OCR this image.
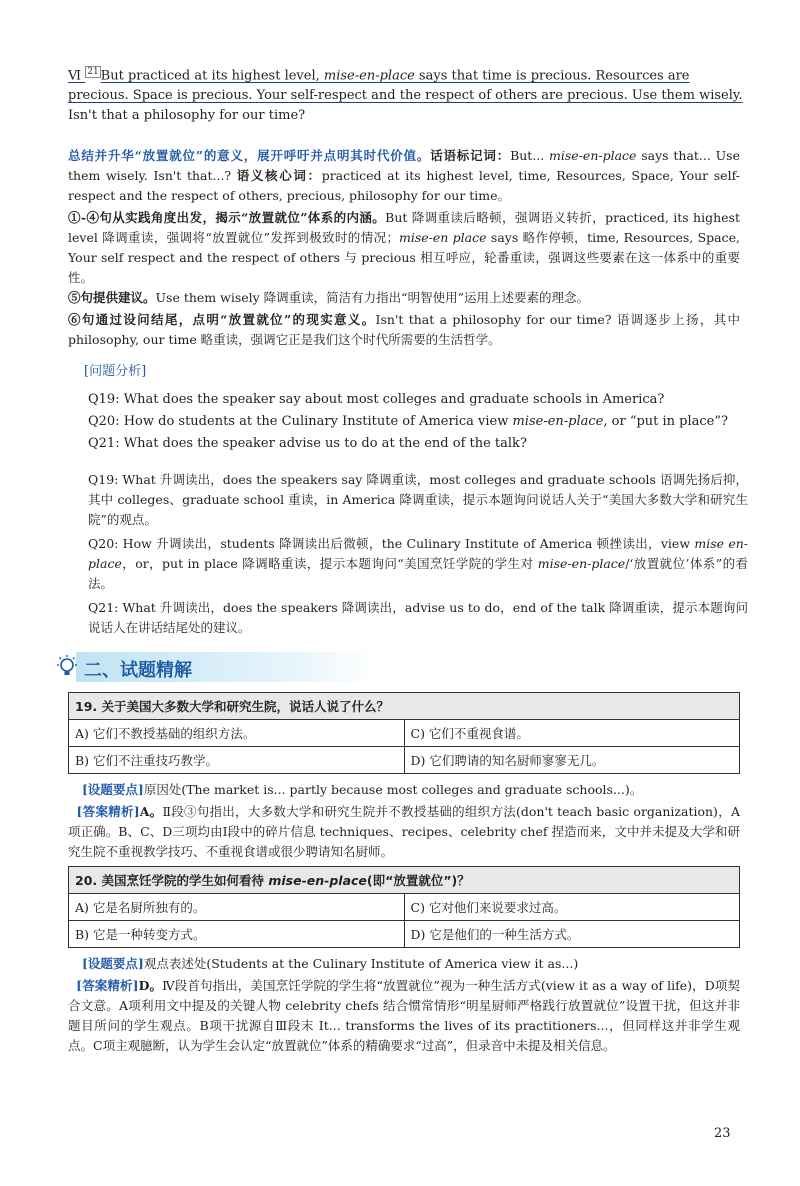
Ⅵ 21 But practiced at its highest level, mise-en-place says that time is precious. Resources are
precious. Space is precious. Your self-respect and the respect of others are precious. Use them wisely.
Isn't that a philosophy for our time?

总结并升华“放置就位”的意义，展开呼吁并点明其时代价值。话语标记词：But... mise-en-place says that... Use them wisely. Isn't that...? 语义核心词：practiced at its highest level, time, Resources, Space, Your self-respect and the respect of others, precious, philosophy for our time。

①-④句从实践角度出发，揭示“放置就位”体系的内涵。But 降调重读后略顿，强调语义转折，practiced, its highest level 降调重读，强调将“放置就位”发挥到极致时的情况；mise-en place says 略作停顿，time, Resources, Space, Your self respect and the respect of others 与 precious 相互呼应，轮番重读，强调这些要素在这一体系中的重要性。

⑤句提供建议。Use them wisely 降调重读，简洁有力指出“明智使用”运用上述要素的理念。

⑥句通过设问结尾，点明“放置就位”的现实意义。Isn't that a philosophy for our time? 语调逐步上扬，其中 philosophy, our time 略重读，强调它正是我们这个时代所需要的生活哲学。

[问题分析]
Q19: What does the speaker say about most colleges and graduate schools in America?
Q20: How do students at the Culinary Institute of America view mise-en-place, or “put in place”?
Q21: What does the speaker advise us to do at the end of the talk?
Q19: What 升调读出，does the speakers say 降调重读，most colleges and graduate schools 语调先扬后抑，其中 colleges、graduate school 重读，in America 降调重读，提示本题询问说话人关于“美国大多数大学和研究生院”的观点。
Q20: How 升调读出，students 降调读出后微顿，the Culinary Institute of America 顿挫读出，view mise en-place，or，put in place 降调略重读，提示本题询问“美国烹饪学院的学生对 mise-en-place/‘放置就位’体系”的看法。
Q21: What 升调读出，does the speakers 降调读出，advise us to do，end of the talk 降调重读，提示本题询问说话人在讲话结尾处的建议。
二、试题精解
19. 关于美国大多数大学和研究生院，说话人说了什么？	
A) 它们不教授基础的组织方法。	C) 它们不重视食谱。
B) 它们不注重技巧教学。	D) 它们聘请的知名厨师寥寥无几。
[设题要点]原因处(The market is... partly because most colleges and graduate schools...)。
[答案精析]A。Ⅱ段③句指出，大多数大学和研究生院并不教授基础的组织方法(don't teach basic organization)，A项正确。B、C、D三项均由Ⅰ段中的碎片信息 techniques、recipes、celebrity chef 捏造而来，文中并未提及大学和研究生院不重视教学技巧、不重视食谱或很少聘请知名厨师。
20. 美国烹饪学院的学生如何看待 mise-en-place(即“放置就位”)？	
A) 它是名厨所独有的。	C) 它对他们来说要求过高。
B) 它是一种转变方式。	D) 它是他们的一种生活方式。
[设题要点]观点表述处(Students at the Culinary Institute of America view it as...)
[答案精析]D。Ⅳ段首句指出，美国烹饪学院的学生将“放置就位”视为一种生活方式(view it as a way of life)，D项契合文意。A项利用文中提及的关键人物 celebrity chefs 结合惯常情形“明星厨师严格践行放置就位”设置干扰，但这并非题目所问的学生观点。B项干扰源自Ⅲ段末 It... transforms the lives of its practitioners...，但同样这并非学生观点。C项主观臆断，认为学生会认定“放置就位”体系的精确要求“过高”，但录音中未提及相关信息。
23
